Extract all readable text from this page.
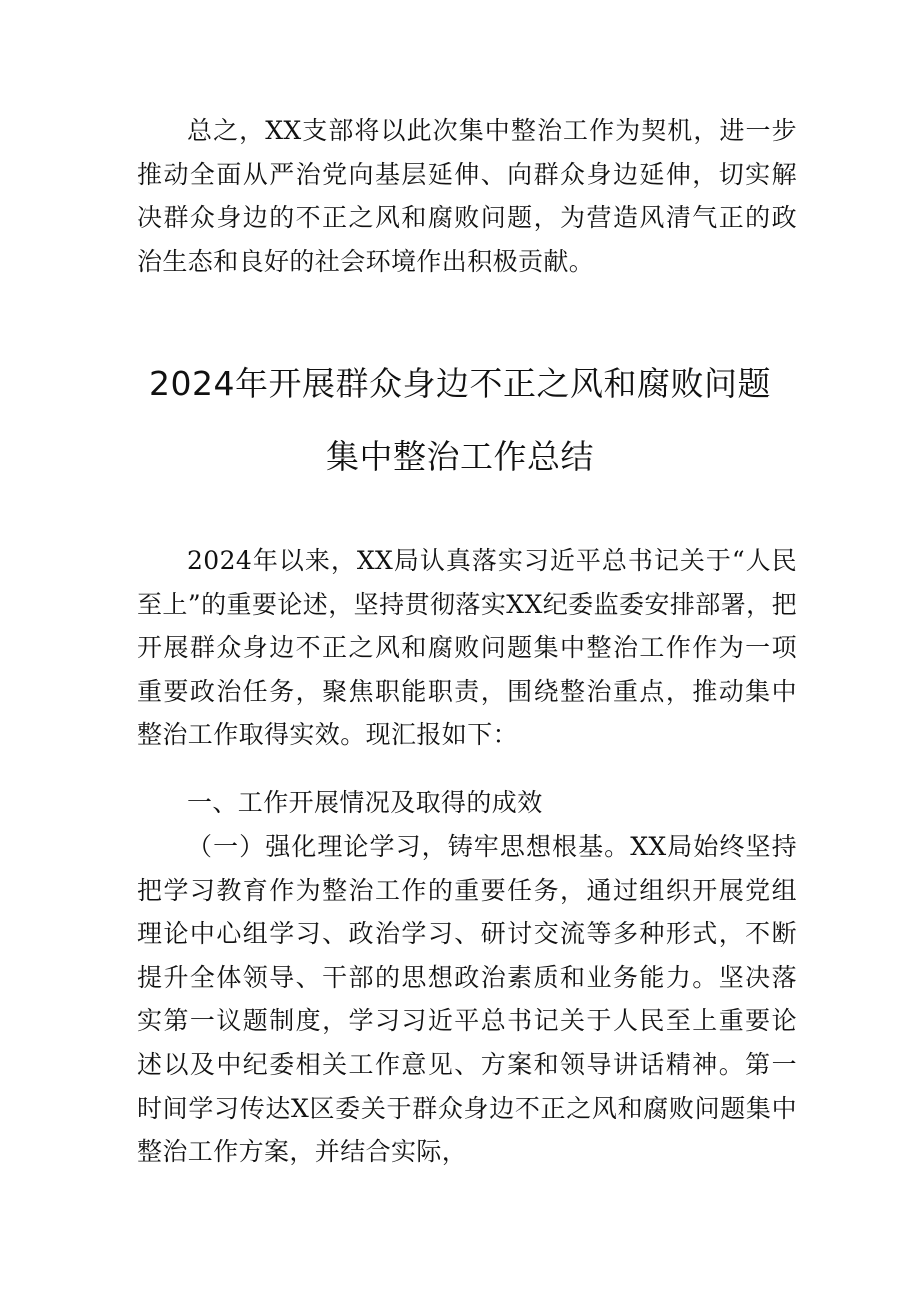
总之，XX支部将以此次集中整治工作为契机，进一步推动全面从严治党向基层延伸、向群众身边延伸，切实解决群众身边的不正之风和腐败问题，为营造风清气正的政治生态和良好的社会环境作出积极贡献。

2024年开展群众身边不正之风和腐败问题
集中整治工作总结

2024年以来，XX局认真落实习近平总书记关于“人民至上”的重要论述，坚持贯彻落实XX纪委监委安排部署，把开展群众身边不正之风和腐败问题集中整治工作作为一项重要政治任务，聚焦职能职责，围绕整治重点，推动集中整治工作取得实效。现汇报如下：

一、工作开展情况及取得的成效

（一）强化理论学习，铸牢思想根基。XX局始终坚持把学习教育作为整治工作的重要任务，通过组织开展党组理论中心组学习、政治学习、研讨交流等多种形式，不断提升全体领导、干部的思想政治素质和业务能力。坚决落实第一议题制度，学习习近平总书记关于人民至上重要论述以及中纪委相关工作意见、方案和领导讲话精神。第一时间学习传达X区委关于群众身边不正之风和腐败问题集中整治工作方案，并结合实际，
